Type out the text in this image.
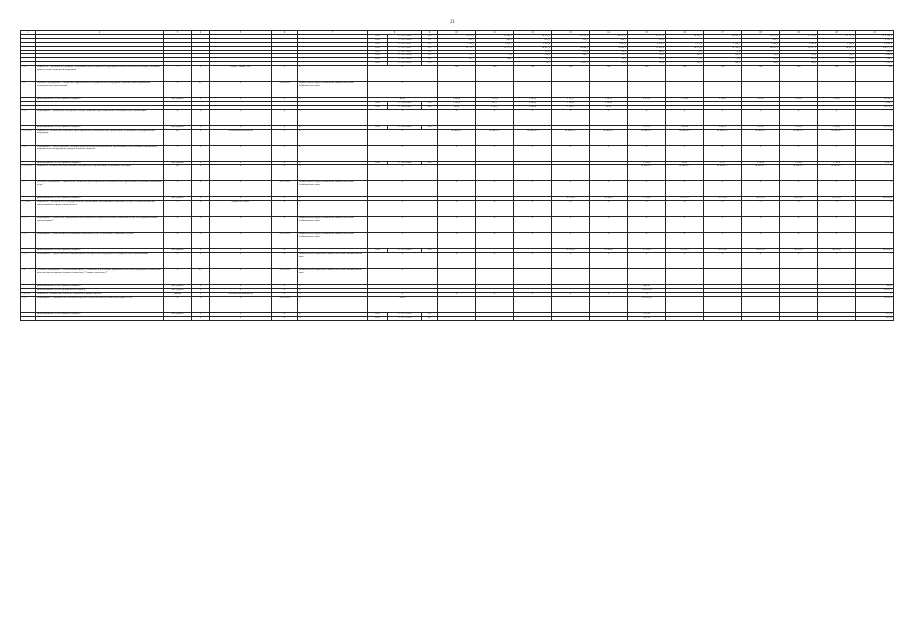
21
1	2	3	4	5	6	7	8		9	10	11	12	13	14	15	16	17	18	19	20	21
							1003	17 2 05 57049	313	15 072,3	16 103,1	34 313,3	36 303,0	46 337,5	47 077,4	34 299,7	36 056,1	32 075,6	33 752,6	35 757,6	473 509,2
							1003	17 2 05 12050	312	470,1	490,9	852,5	663,3	454,1	516,6			452,3			4 192,8
							1003	17 2 05 12051	313	1 568,2	1 018,7	1 625,4		2 455,1	2 920,1	1 271,3	1 314,7	1 498,0	1 499,4	1 500,0	11 005,8
							1003	17 2 05 12052	313	19 772,7	19 573,3	18 437,6	16 884,2	12 043,0	11 438,8	16 973,6	16 794,1	14 091,3	16 327,9	14 497,3	168 977,8
							1003	17 2 05 12053	313			137,9	275,8	95,1	109,6	75,2	75,0				868,6
							1003	17 2 05 12054	313	71,1	71,4	224,8	341,7	173,7	178,1	141,3	120,3	99,8	116,0	110,5	1 649,0
							1003	17 2 05 12058	313	167,7	188,9	110,2		96,3	131,0	179	120	120,0	112,0	120,0	968,1
							1003	17 2 05 12059	313			99,7	2 411,9	111,4	110,8	141,3	148,5	160,0	160,0	165,0	1 195,0
1.2.6	Показатель "Удельный вес граждан, получивших меры социальной поддержки в общей численности граждан, имеющих право на меры социальной поддержки"	%	X	Пункт 7 главы 7 ПК	X	X	X			100	100	100	100	100	100	100	100	100	100	100	100
1.3	Основное мероприятие "Повышение эффективности государственной поддержки социально ориентированных некоммерческих организаций"	X	0,1	X	2014-2024	Министерство труда и социальной защиты населения Забайкальского края	X														
	финансирование за счет краевого бюджета	тыс. рублей	X	X	X	X	всего			2 494,4	1 963,6	2 900,0	3 150,7	2 583,2	4 271,4	2 396,4	2 388,2	2 810,9	2 826,9	2 826,9	28 564,6
							1006	17 1 06 02801	630	1 990,0	931,1	2 000,0	1 900,0	2 000,0							1 866,7
							1006	17 1 06 02802	630	504,4	1 032,5	2 000,0	1 250,7	583,2							18 974,3
1.3.1	Мероприятие "Проведение конкурсного отбора социально ориентированных некоммерческих организаций"	X	X	X	X	X	X			X	X	X	X	X	X	X	X	X	X	X	X
	финансирование за счет краевого бюджета	тыс. рублей	X	X	X	X	1006	17 1 06 02803	630						5 077,0	2 496,4	2 601,9	2 810,9	2 826,9	2 826,9	22 176,2
1.3.1 ПЗ-1	Показатель "Количество социально ориентированных некоммерческих организаций, получивших государственную поддержку"	ед.	X	Абсолютный показатель	X	X	X			не менее 2	не менее 2	не менее 2	не менее 2	не менее 2	не менее 2	не менее 2	не менее 2	не менее 2	не менее 2	не менее 2	X
1.3.2	Мероприятие "Предоставление субсидий общественным объединениям и организациям на реализацию мероприятий, направленных на поддержку граждан пожилого возраста"	X	X	X	X	X	X			X	X	X	X	X	X	X	X	X	X	X	X
	финансирование за счет краевого бюджета	тыс. рублей	X	X	X	X	1006	17 1 06 02804	630						1 206,4	900,0	972,1	1 200,0	1 200,0	1 200,0	6 687,5
1.3.2 ПЗ-1	Показатель "Количество общественных объединений и организаций, получивших субсидии"	ед.	X	X	X	X	X								не менее 1	не менее 1	не менее 1	не менее 1	не менее 1	не менее 1	X
1.7	Основное мероприятие "Привлечение социально ориентированных некоммерческих организаций к оказанию социальных услуг"	X	X	X	2017-2024	Министерство труда и социальной защиты населения Забайкальского края	X			X	X	X	X	X	X	X	X	X	X	X	X
	финансирование за счет краевого бюджета	тыс. рублей	X	X	X	X							16 323,0	29 906,0	37 224,3	29 915,2	29 213,8	49 631,0	49 631,0	49 631,0	360 424,3
1.7 ПЗ-1	Показатель "Удельный вес негосударственных организаций, оказывающих социальные услуги, в общем количестве организаций всех форм собственности"	%	X	Форма № 3-собес	X	X	X			X	X	X	5,5	10	10	10	10	11	12	13	13
1.7.1	Мероприятие "Проведение информационной кампании по вопросам оказания социальных услуг негосударственными организациями"	X	X	X	X	Министерство труда и социальной защиты населения Забайкальского края	X			X	X	X	X	X	X	X	X	X	X	X	X
1.7.2	Мероприятие "Компенсация поставщикам социальных услуг за оказанные социальные услуги"	X	X	X	2017-2024	Министерство труда и социальной защиты населения Забайкальского края	X			X	X	X	X	X	X	X	X	X	X	X	X
	финансирование за счет краевого бюджета	тыс. рублей	X	X	X	X	1006	17 1 07 02805	630				16 323,0	29 906,0	37 224,3	29 915,2	29 213,8	49 631,0	49 631,0	49 631,0	360 424,3
1.7.3	Мероприятие "Предоставление информационно-методической поддержки негосударственным организациям"	X	X	X	X	Министерство социальной защиты населения Забайкальского края	X			X	X	X	X	X	X	X	X	X	X	X	X
1.8	Основное мероприятие "Региональный проект "Разработка и реализация программы системной поддержки и повышения качества жизни граждан старшего поколения ("Старшее поколение")"	X	0,1	X	2019-2024	Министерство социальной защиты населения Забайкальского края	X														
	финансирование за счет краевого бюджета	тыс. рублей	X	X	X	X									406,60						406,6
	финансирование за счет федерального бюджета	тыс. рублей	X	X	X	X									20 835,30						20 835,3
1.8 ПЗ-1	Показатель "Количество объектов, созданных в рамках проекта"	единиц	X	Абсолютный показатель	X	X	X			X	X	X	X	X	11						11
1.8.1	Мероприятие "Приобретение автотранспорта для осуществления доставки лиц старше 65 лет"	X	X	X	2019-2024	X	Всего								20 835,90						20 835,9
	финансирование за счет краевого бюджета	тыс. рублей	X	X	X	X	1002	17 1 P3 52930	612						227,96						227,96
			X	X	X	X	1002	17 1 P3 52930	612						141,36						141,36
